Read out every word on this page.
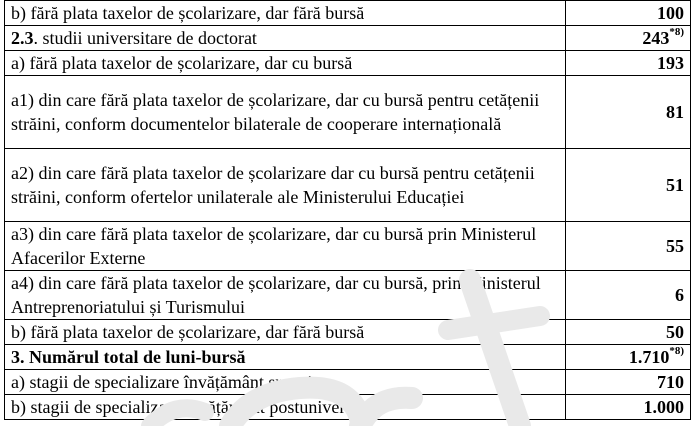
b) fără plata taxelor de școlarizare, dar fără bursă	100
2.3. studii universitare de doctorat	243$^{*8)}$
a) fără plata taxelor de școlarizare, dar cu bursă	193
a1) din care fără plata taxelor de școlarizare, dar cu bursă pentru cetățenii străini, conform documentelor bilaterale de cooperare internațională	81
a2) din care fără plata taxelor de școlarizare dar cu bursă pentru cetățenii străini, conform ofertelor unilaterale ale Ministerului Educației	51
a3) din care fără plata taxelor de școlarizare, dar cu bursă prin Ministerul Afacerilor Externe	55
a4) din care fără plata taxelor de școlarizare, dar cu bursă, prin Ministerul Antreprenoriatului și Turismului	6
b) fără plata taxelor de școlarizare, dar fără bursă	50
3. Numărul total de luni-bursă	1.710$^{*8)}$
a) stagii de specializare învățământ superior	710
b) stagii de specializare învățământ postuniversitar	1.000
